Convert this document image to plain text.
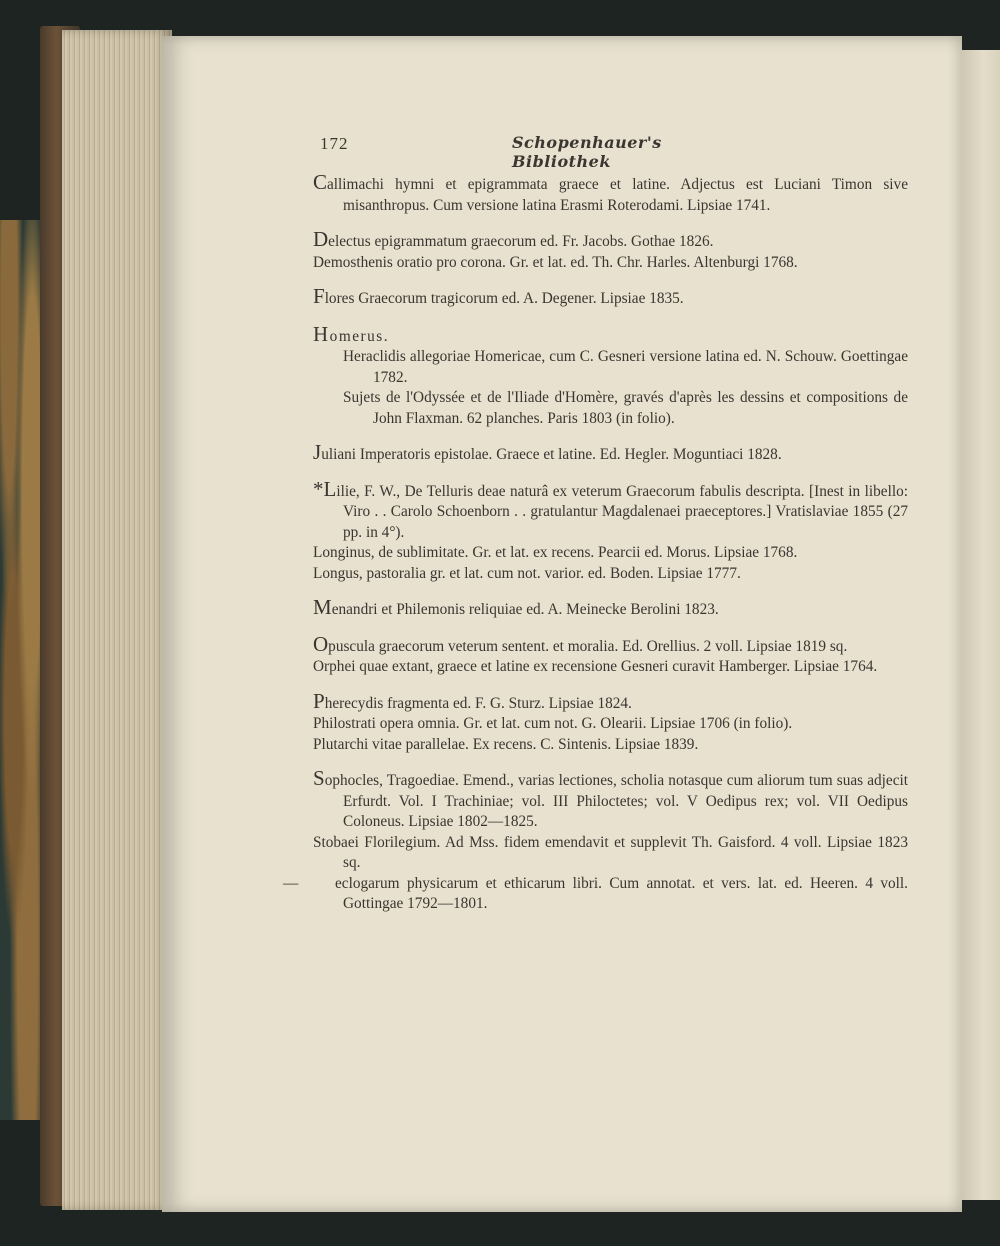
172	Schopenhauer's Bibliothek
Callimachi hymni et epigrammata graece et latine. Adjectus est Luciani Timon sive misanthropus. Cum versione latina Erasmi Roterodami. Lipsiae 1741.
Delectus epigrammatum graecorum ed. Fr. Jacobs. Gothae 1826.
Demosthenis oratio pro corona. Gr. et lat. ed. Th. Chr. Harles. Altenburgi 1768.
Flores Graecorum tragicorum ed. A. Degener. Lipsiae 1835.
Homerus.
Heraclidis allegoriae Homericae, cum C. Gesneri versione latina ed. N. Schouw. Goettingae 1782.
Sujets de l'Odyssée et de l'Iliade d'Homère, gravés d'après les dessins et compositions de John Flaxman. 62 planches. Paris 1803 (in folio).
Juliani Imperatoris epistolae. Graece et latine. Ed. Hegler. Moguntiaci 1828.
*Lilie, F. W., De Telluris deae naturâ ex veterum Graecorum fabulis descripta. [Inest in libello: Viro . . Carolo Schoenborn . . gratulantur Magdalenaei praeceptores.] Vratislaviae 1855 (27 pp. in 4°).
Longinus, de sublimitate. Gr. et lat. ex recens. Pearcii ed. Morus. Lipsiae 1768.
Longus, pastoralia gr. et lat. cum not. varior. ed. Boden. Lipsiae 1777.
Menandri et Philemonis reliquiae ed. A. Meinecke Berolini 1823.
Opuscula graecorum veterum sentent. et moralia. Ed. Orellius. 2 voll. Lipsiae 1819 sq.
Orphei quae extant, graece et latine ex recensione Gesneri curavit Hamberger. Lipsiae 1764.
Pherecydis fragmenta ed. F. G. Sturz. Lipsiae 1824.
Philostrati opera omnia. Gr. et lat. cum not. G. Olearii. Lipsiae 1706 (in folio).
Plutarchi vitae parallelae. Ex recens. C. Sintenis. Lipsiae 1839.
Sophocles, Tragoediae. Emend., varias lectiones, scholia notasque cum aliorum tum suas adjecit Erfurdt. Vol. I Trachiniae; vol. III Philoctetes; vol. V Oedipus rex; vol. VII Oedipus Coloneus. Lipsiae 1802—1825.
Stobaei Florilegium. Ad Mss. fidem emendavit et supplevit Th. Gaisford. 4 voll. Lipsiae 1823 sq.
— eclogarum physicarum et ethicarum libri. Cum annotat. et vers. lat. ed. Heeren. 4 voll. Gottingae 1792—1801.
